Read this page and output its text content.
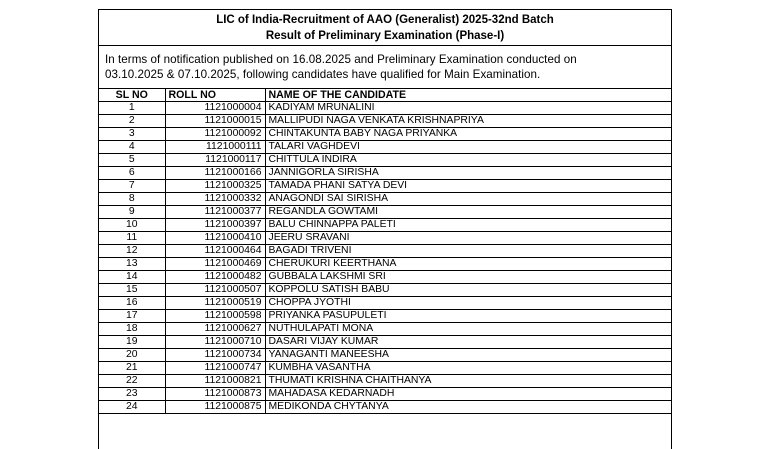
LIC of India-Recruitment of AAO (Generalist) 2025-32nd Batch
Result of Preliminary Examination (Phase-I)
In terms of notification published on 16.08.2025 and Preliminary Examination conducted on
03.10.2025 & 07.10.2025, following candidates have qualified for Main Examination.
SL NO	ROLL NO	NAME OF THE CANDIDATE
1	1121000004	KADIYAM MRUNALINI
2	1121000015	MALLIPUDI NAGA VENKATA KRISHNAPRIYA
3	1121000092	CHINTAKUNTA BABY NAGA PRIYANKA
4	1121000111	TALARI VAGHDEVI
5	1121000117	CHITTULA INDIRA
6	1121000166	JANNIGORLA SIRISHA
7	1121000325	TAMADA PHANI SATYA DEVI
8	1121000332	ANAGONDI SAI SIRISHA
9	1121000377	REGANDLA GOWTAMI
10	1121000397	BALU CHINNAPPA PALETI
11	1121000410	JEERU SRAVANI
12	1121000464	BAGADI TRIVENI
13	1121000469	CHERUKURI KEERTHANA
14	1121000482	GUBBALA LAKSHMI SRI
15	1121000507	KOPPOLU SATISH BABU
16	1121000519	CHOPPA JYOTHI
17	1121000598	PRIYANKA PASUPULETI
18	1121000627	NUTHULAPATI MONA
19	1121000710	DASARI VIJAY KUMAR
20	1121000734	YANAGANTI MANEESHA
21	1121000747	KUMBHA VASANTHA
22	1121000821	THUMATI KRISHNA CHAITHANYA
23	1121000873	MAHADASA KEDARNADH
24	1121000875	MEDIKONDA CHYTANYA
